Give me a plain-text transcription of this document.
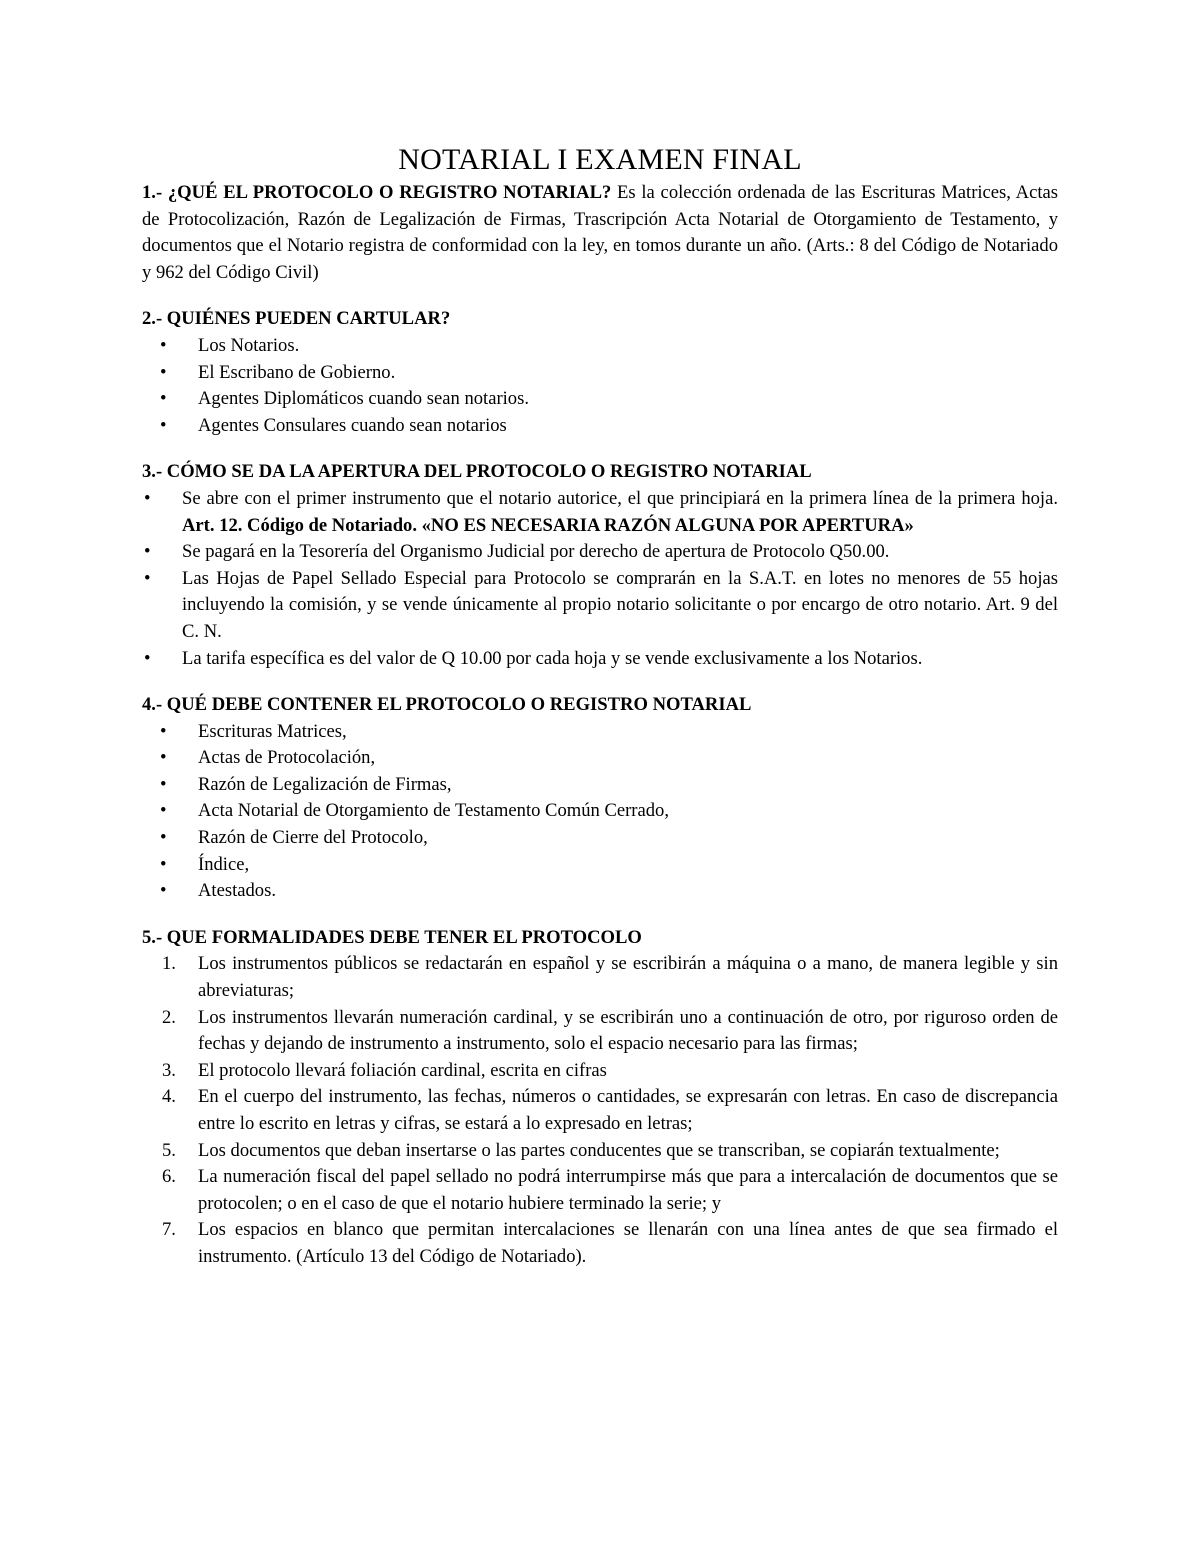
NOTARIAL I EXAMEN FINAL

1.- ¿QUÉ EL PROTOCOLO O REGISTRO NOTARIAL? Es la colección ordenada de las Escrituras Matrices, Actas de Protocolización, Razón de Legalización de Firmas, Trascripción Acta Notarial de Otorgamiento de Testamento, y documentos que el Notario registra de conformidad con la ley, en tomos durante un año. (Arts.: 8 del Código de Notariado y 962 del Código Civil)

2.- QUIÉNES PUEDEN CARTULAR?
• Los Notarios.
• El Escribano de Gobierno.
• Agentes Diplomáticos cuando sean notarios.
• Agentes Consulares cuando sean notarios
3.- CÓMO SE DA LA APERTURA DEL PROTOCOLO O REGISTRO NOTARIAL
• Se abre con el primer instrumento que el notario autorice, el que principiará en la primera línea de la primera hoja. Art. 12. Código de Notariado. «NO ES NECESARIA RAZÓN ALGUNA POR APERTURA»
• Se pagará en la Tesorería del Organismo Judicial por derecho de apertura de Protocolo Q50.00.
• Las Hojas de Papel Sellado Especial para Protocolo se comprarán en la S.A.T. en lotes no menores de 55 hojas incluyendo la comisión, y se vende únicamente al propio notario solicitante o por encargo de otro notario. Art. 9 del C. N.
• La tarifa específica es del valor de Q 10.00 por cada hoja y se vende exclusivamente a los Notarios.
4.- QUÉ DEBE CONTENER EL PROTOCOLO O REGISTRO NOTARIAL
• Escrituras Matrices,
• Actas de Protocolación,
• Razón de Legalización de Firmas,
• Acta Notarial de Otorgamiento de Testamento Común Cerrado,
• Razón de Cierre del Protocolo,
• Índice,
• Atestados.
5.- QUE FORMALIDADES DEBE TENER EL PROTOCOLO
1. Los instrumentos públicos se redactarán en español y se escribirán a máquina o a mano, de manera legible y sin abreviaturas;
2. Los instrumentos llevarán numeración cardinal, y se escribirán uno a continuación de otro, por riguroso orden de fechas y dejando de instrumento a instrumento, solo el espacio necesario para las firmas;
3. El protocolo llevará foliación cardinal, escrita en cifras
4. En el cuerpo del instrumento, las fechas, números o cantidades, se expresarán con letras. En caso de discrepancia entre lo escrito en letras y cifras, se estará a lo expresado en letras;
5. Los documentos que deban insertarse o las partes conducentes que se transcriban, se copiarán textualmente;
6. La numeración fiscal del papel sellado no podrá interrumpirse más que para a intercalación de documentos que se protocolen; o en el caso de que el notario hubiere terminado la serie; y
7. Los espacios en blanco que permitan intercalaciones se llenarán con una línea antes de que sea firmado el instrumento. (Artículo 13 del Código de Notariado).
